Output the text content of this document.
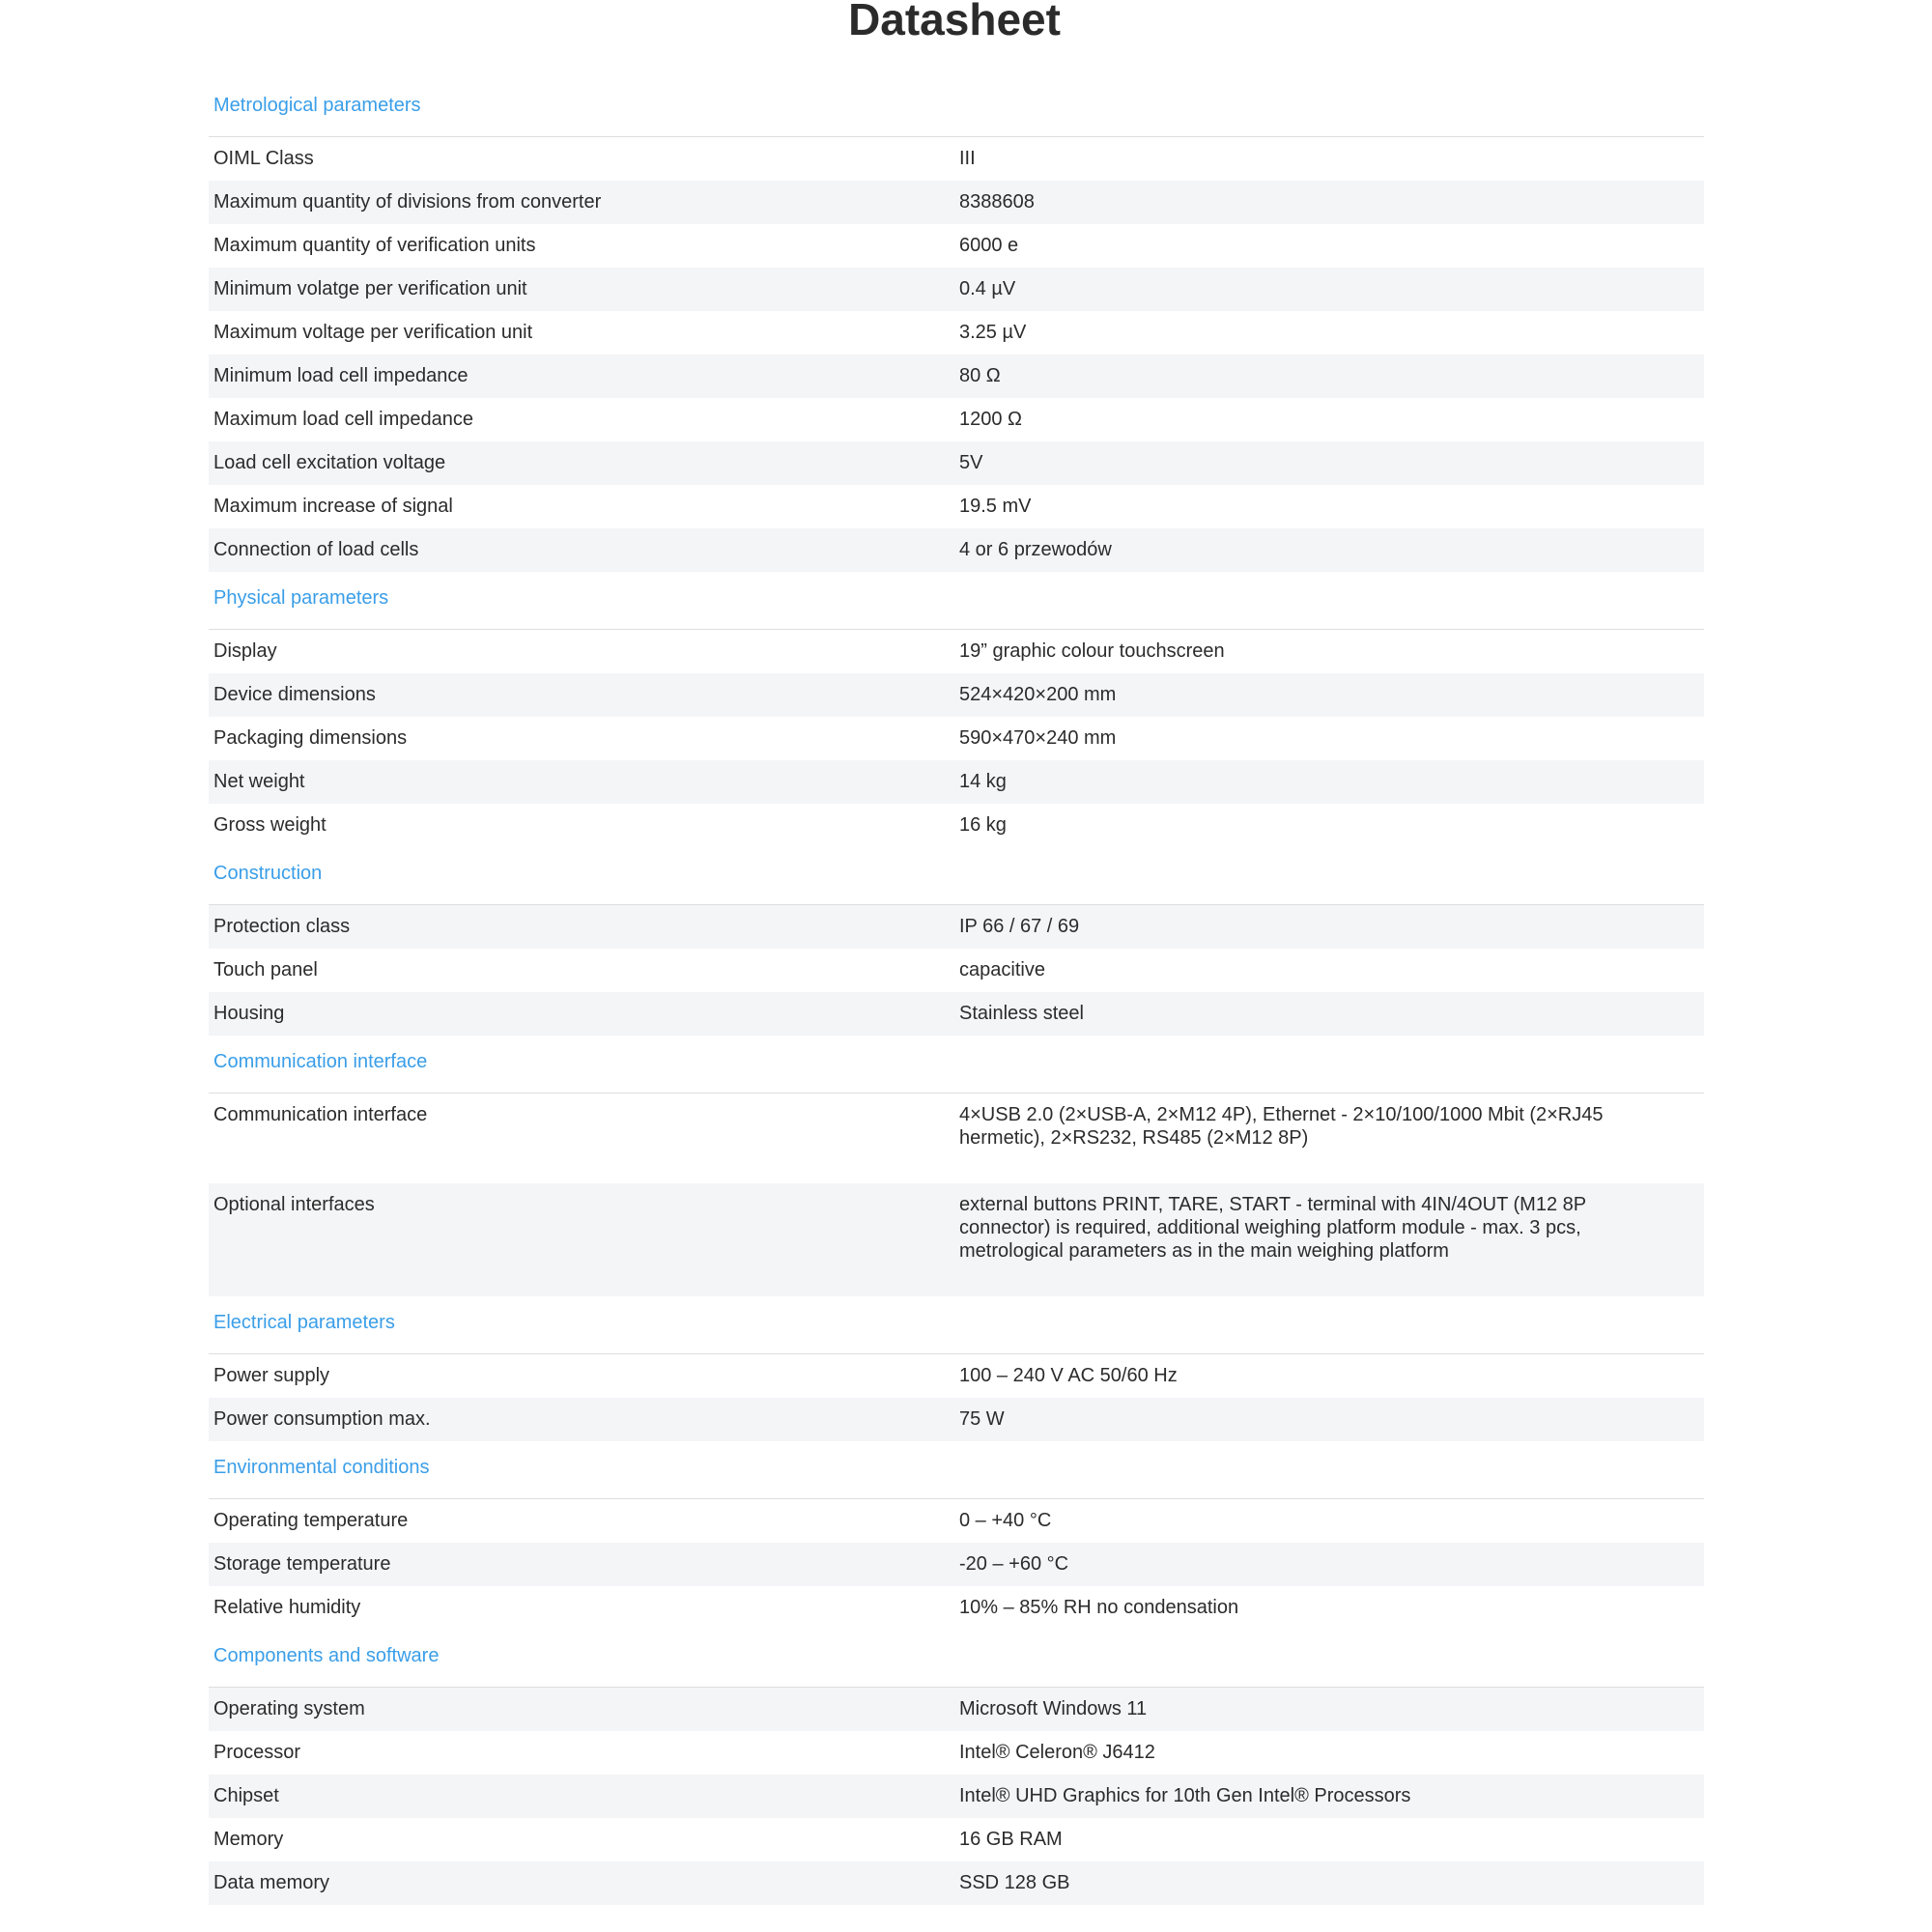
Datasheet
Metrological parameters
OIML Class	III
Maximum quantity of divisions from converter	8388608
Maximum quantity of verification units	6000 e
Minimum volatge per verification unit	0.4 µV
Maximum voltage per verification unit	3.25 µV
Minimum load cell impedance	80 Ω
Maximum load cell impedance	1200 Ω
Load cell excitation voltage	5V
Maximum increase of signal	19.5 mV
Connection of load cells	4 or 6 przewodów
Physical parameters
Display	19” graphic colour touchscreen
Device dimensions	524×420×200 mm
Packaging dimensions	590×470×240 mm
Net weight	14 kg
Gross weight	16 kg
Construction
Protection class	IP 66 / 67 / 69
Touch panel	capacitive
Housing	Stainless steel
Communication interface
Communication interface	4×USB 2.0 (2×USB-A, 2×M12 4P), Ethernet - 2×10/100/1000 Mbit (2×RJ45 hermetic), 2×RS232, RS485 (2×M12 8P)
Optional interfaces	external buttons PRINT, TARE, START - terminal with 4IN/4OUT (M12 8P connector) is required, additional weighing platform module - max. 3 pcs, metrological parameters as in the main weighing platform
Electrical parameters
Power supply	100 – 240 V AC 50/60 Hz
Power consumption max.	75 W
Environmental conditions
Operating temperature	0 – +40 °C
Storage temperature	-20 – +60 °C
Relative humidity	10% – 85% RH no condensation
Components and software
Operating system	Microsoft Windows 11
Processor	Intel® Celeron® J6412
Chipset	Intel® UHD Graphics for 10th Gen Intel® Processors
Memory	16 GB RAM
Data memory	SSD 128 GB
